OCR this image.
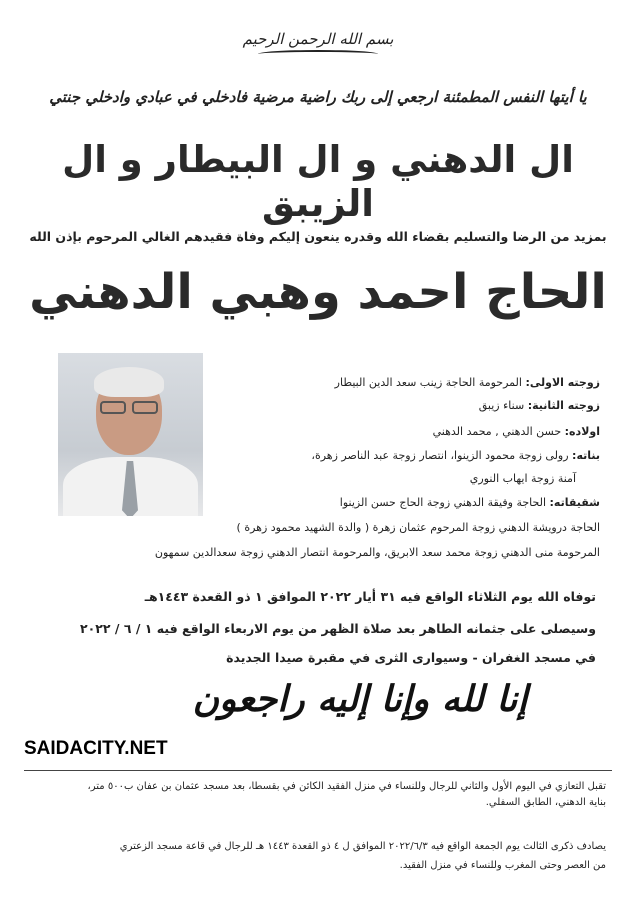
بسم الله الرحمن الرحيم
يا أيتها النفس المطمئنة ارجعي إلى ربك راضية مرضية فادخلي في عبادي وادخلي جنتي
ال الدهني و ال البيطار و ال الزيبق
بمزيد من الرضا والتسليم بقضاء الله وقدره ينعون إليكم وفاة فقيدهم الغالي المرحوم بإذن الله
الحاج احمد وهبي الدهني
زوجته الاولى: المرحومة الحاجة زينب سعد الدين البيطار
زوجته الثانية: سناء زيبق
اولاده: حسن الدهني , محمد الدهني
بناته: رولى زوجة محمود الزينوا، انتصار زوجة عبد الناصر زهرة،
آمنة زوجة ايهاب النوري
شقيقاته: الحاجة وفيقة الدهني زوجة الحاج حسن الزينوا
الحاجة درويشة الدهني زوجة المرحوم عثمان زهرة ( والدة الشهيد محمود زهرة )
المرحومة منى الدهني زوجة محمد سعد الابريق، والمرحومة انتصار الدهني زوجة سعدالدين سمهون
توفاه الله يوم الثلاثاء الواقع فيه ٣١ أيار ٢٠٢٢ الموافق ١ ذو القعدة ١٤٤٣هـ
وسيصلى على جثمانه الطاهر بعد صلاة الظهر من يوم الاربعاء الواقع فيه ١ / ٦ / ٢٠٢٢
في مسجد الغفران - وسيوارى الثرى في مقبرة صيدا الجديدة
إنا لله وإنا إليه راجعون
SAIDACITY.NET
تقبل التعازي في اليوم الأول والثاني للرجال وللنساء في منزل الفقيد الكائن في بقسطا، بعد مسجد عثمان بن عفان ب٥٠٠ متر،
بناية الدهني، الطابق السفلي.
يصادف ذكرى الثالث يوم الجمعة الواقع فيه ٢٠٢٢/٦/٣ الموافق ل ٤ ذو القعدة ١٤٤٣ هـ للرجال في قاعة مسجد الزعتري
من العصر وحتى المغرب وللنساء في منزل الفقيد.
